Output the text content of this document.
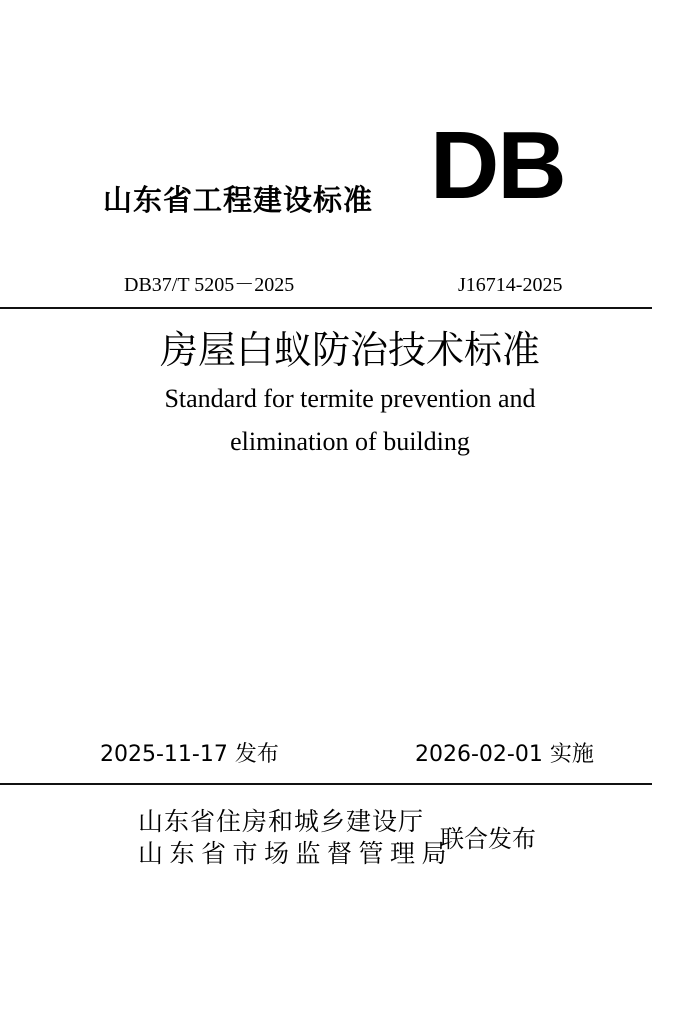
山东省工程建设标准 DB
DB37/T 5205－2025	J16714-2025
房屋白蚁防治技术标准
Standard for termite prevention and
elimination of building
2025-11-17 发布	2026-02-01 实施
山东省住房和城乡建设厅
山东省市场监督管理局
联合发布
